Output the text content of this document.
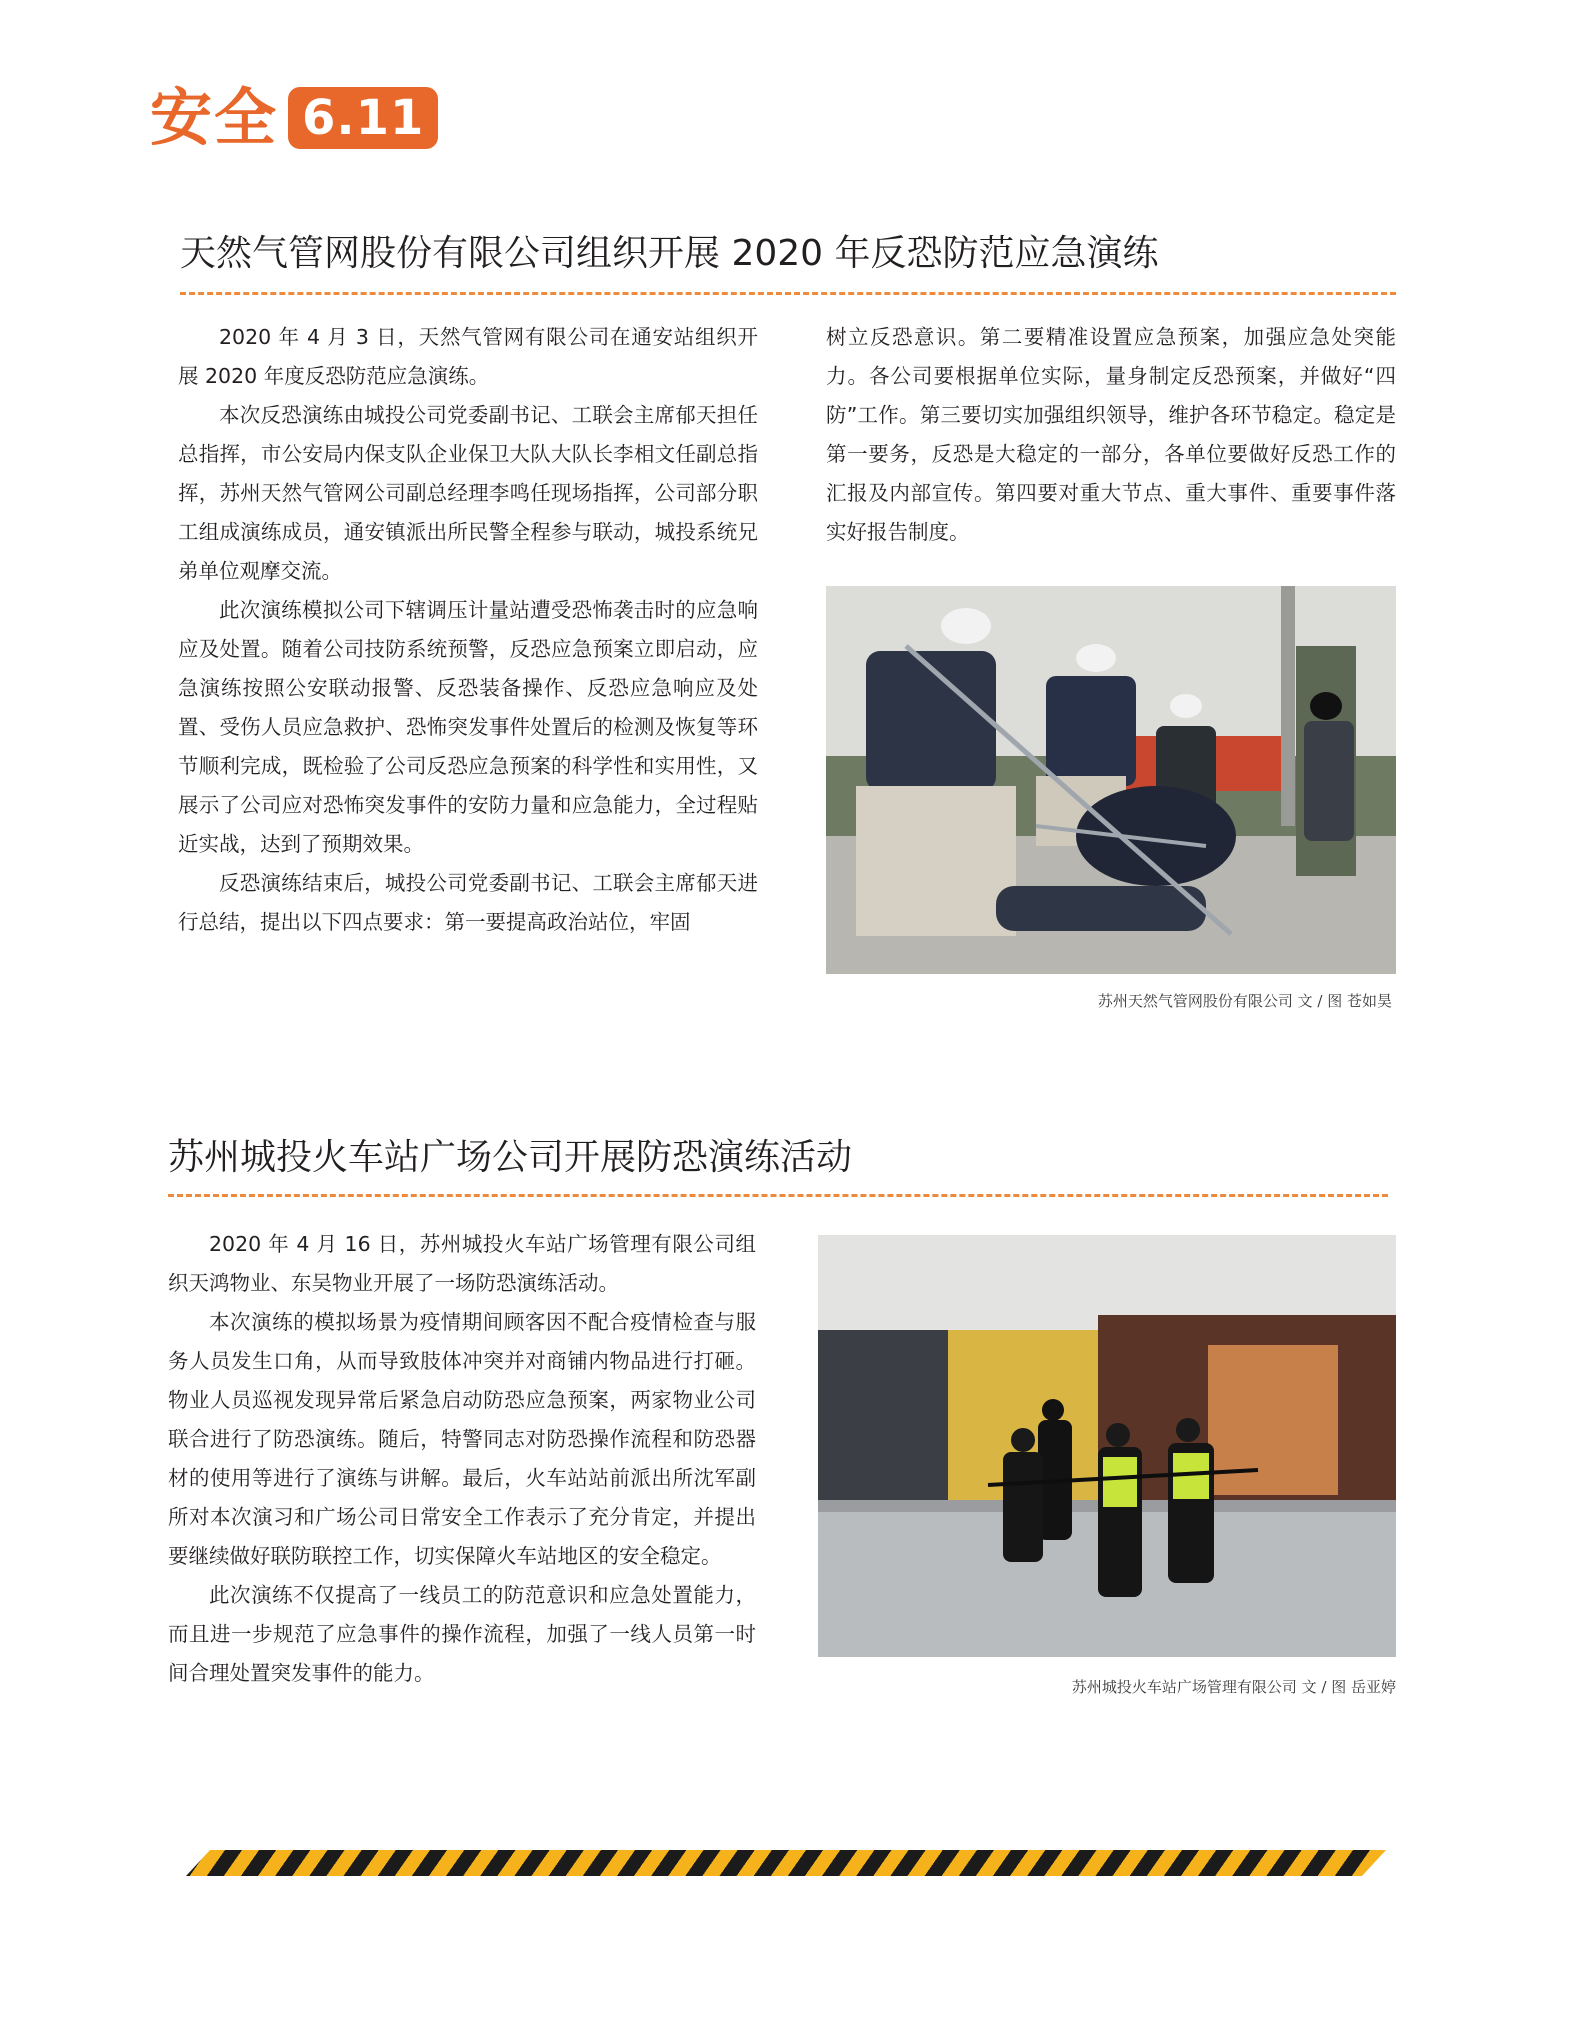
安全 6.11
天然气管网股份有限公司组织开展 2020 年反恐防范应急演练

2020 年 4 月 3 日，天然气管网有限公司在通安站组织开展 2020 年度反恐防范应急演练。

本次反恐演练由城投公司党委副书记、工联会主席郁天担任总指挥，市公安局内保支队企业保卫大队大队长李相文任副总指挥，苏州天然气管网公司副总经理李鸣任现场指挥，公司部分职工组成演练成员，通安镇派出所民警全程参与联动，城投系统兄弟单位观摩交流。

此次演练模拟公司下辖调压计量站遭受恐怖袭击时的应急响应及处置。随着公司技防系统预警，反恐应急预案立即启动，应急演练按照公安联动报警、反恐装备操作、反恐应急响应及处置、受伤人员应急救护、恐怖突发事件处置后的检测及恢复等环节顺利完成，既检验了公司反恐应急预案的科学性和实用性，又展示了公司应对恐怖突发事件的安防力量和应急能力，全过程贴近实战，达到了预期效果。

反恐演练结束后，城投公司党委副书记、工联会主席郁天进行总结，提出以下四点要求：第一要提高政治站位，牢固

树立反恐意识。第二要精准设置应急预案，加强应急处突能力。各公司要根据单位实际，量身制定反恐预案，并做好“四防”工作。第三要切实加强组织领导，维护各环节稳定。稳定是第一要务，反恐是大稳定的一部分，各单位要做好反恐工作的汇报及内部宣传。第四要对重大节点、重大事件、重要事件落实好报告制度。

苏州天然气管网股份有限公司 文 / 图 苍如昊
苏州城投火车站广场公司开展防恐演练活动

2020 年 4 月 16 日，苏州城投火车站广场管理有限公司组织天鸿物业、东吴物业开展了一场防恐演练活动。

本次演练的模拟场景为疫情期间顾客因不配合疫情检查与服务人员发生口角，从而导致肢体冲突并对商铺内物品进行打砸。物业人员巡视发现异常后紧急启动防恐应急预案，两家物业公司联合进行了防恐演练。随后，特警同志对防恐操作流程和防恐器材的使用等进行了演练与讲解。最后，火车站站前派出所沈军副所对本次演习和广场公司日常安全工作表示了充分肯定，并提出要继续做好联防联控工作，切实保障火车站地区的安全稳定。

此次演练不仅提高了一线员工的防范意识和应急处置能力，而且进一步规范了应急事件的操作流程，加强了一线人员第一时间合理处置突发事件的能力。

苏州城投火车站广场管理有限公司 文 / 图 岳亚婷
